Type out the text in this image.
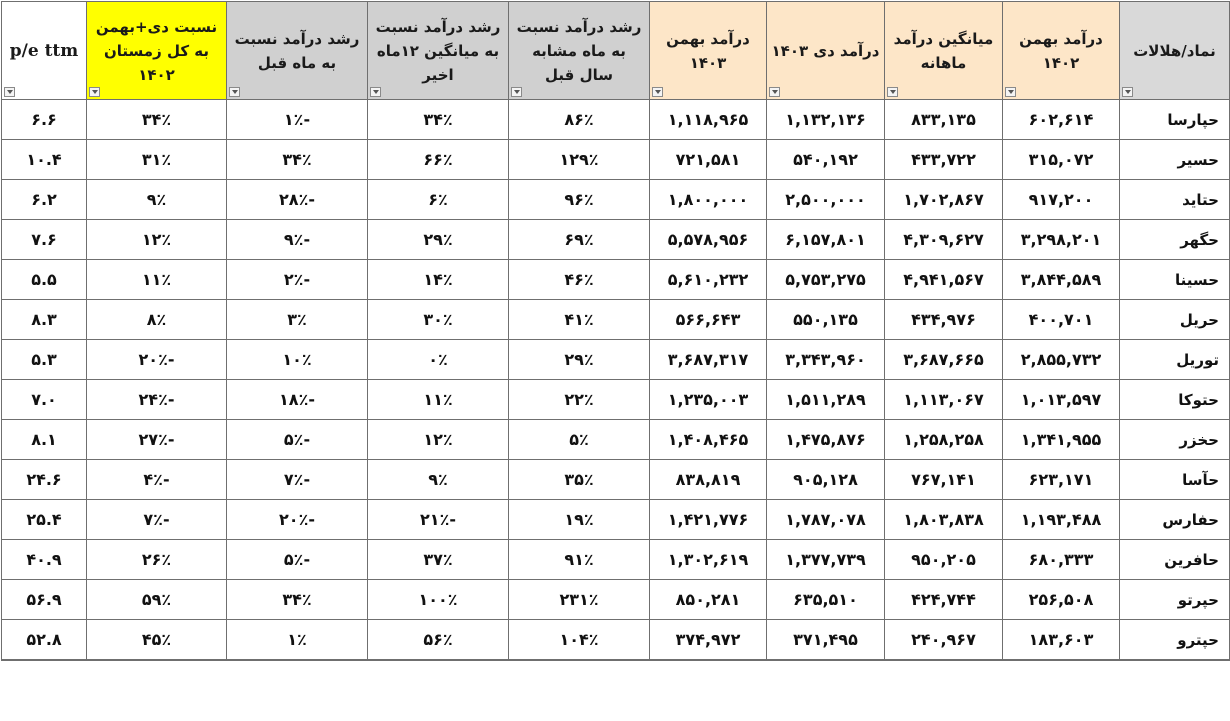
نماد/هلالات	درآمد بهمن ۱۴۰۲	میانگین درآمد ماهانه	درآمد دی ۱۴۰۳	درآمد بهمن ۱۴۰۳	رشد درآمد نسبت به ماه مشابه سال قبل	رشد درآمد نسبت به میانگین ۱۲ماه اخیر	رشد درآمد نسبت به ماه قبل	نسبت دی+بهمن به کل زمستان ۱۴۰۲	p/e ttm

حپارسا	۶۰۲,۶۱۴	۸۳۳,۱۳۵	۱,۱۳۲,۱۳۶	۱,۱۱۸,۹۶۵	۸۶٪	۳۴٪	-۱٪	۳۴٪	۶.۶
حسیر	۳۱۵,۰۷۲	۴۳۳,۷۲۲	۵۴۰,۱۹۲	۷۲۱,۵۸۱	۱۲۹٪	۶۶٪	۳۴٪	۳۱٪	۱۰.۴
حتاید	۹۱۷,۲۰۰	۱,۷۰۲,۸۶۷	۲,۵۰۰,۰۰۰	۱,۸۰۰,۰۰۰	۹۶٪	۶٪	-۲۸٪	۹٪	۶.۲
حگهر	۳,۲۹۸,۲۰۱	۴,۳۰۹,۶۲۷	۶,۱۵۷,۸۰۱	۵,۵۷۸,۹۵۶	۶۹٪	۲۹٪	-۹٪	۱۲٪	۷.۶
حسینا	۳,۸۴۴,۵۸۹	۴,۹۴۱,۵۶۷	۵,۷۵۳,۲۷۵	۵,۶۱۰,۲۳۲	۴۶٪	۱۴٪	-۲٪	۱۱٪	۵.۵
حریل	۴۰۰,۷۰۱	۴۳۴,۹۷۶	۵۵۰,۱۳۵	۵۶۶,۶۴۳	۴۱٪	۳۰٪	۳٪	۸٪	۸.۳
توریل	۲,۸۵۵,۷۳۲	۳,۶۸۷,۶۶۵	۳,۳۴۳,۹۶۰	۳,۶۸۷,۳۱۷	۲۹٪	۰٪	۱۰٪	-۲۰٪	۵.۳
حتوکا	۱,۰۱۳,۵۹۷	۱,۱۱۳,۰۶۷	۱,۵۱۱,۲۸۹	۱,۲۳۵,۰۰۳	۲۲٪	۱۱٪	-۱۸٪	-۲۴٪	۷.۰
حخزر	۱,۳۴۱,۹۵۵	۱,۲۵۸,۲۵۸	۱,۴۷۵,۸۷۶	۱,۴۰۸,۴۶۵	۵٪	۱۲٪	-۵٪	-۲۷٪	۸.۱
حآسا	۶۲۳,۱۷۱	۷۶۷,۱۴۱	۹۰۵,۱۲۸	۸۳۸,۸۱۹	۳۵٪	۹٪	-۷٪	-۴٪	۲۴.۶
حفارس	۱,۱۹۳,۴۸۸	۱,۸۰۳,۸۳۸	۱,۷۸۷,۰۷۸	۱,۴۲۱,۷۷۶	۱۹٪	-۲۱٪	-۲۰٪	-۷٪	۲۵.۴
حافرین	۶۸۰,۳۳۳	۹۵۰,۲۰۵	۱,۳۷۷,۷۳۹	۱,۳۰۲,۶۱۹	۹۱٪	۳۷٪	-۵٪	۲۶٪	۴۰.۹
حپرتو	۲۵۶,۵۰۸	۴۲۴,۷۴۴	۶۳۵,۵۱۰	۸۵۰,۲۸۱	۲۳۱٪	۱۰۰٪	۳۴٪	۵۹٪	۵۶.۹
حپترو	۱۸۳,۶۰۳	۲۴۰,۹۶۷	۳۷۱,۴۹۵	۳۷۴,۹۷۲	۱۰۴٪	۵۶٪	۱٪	۴۵٪	۵۲.۸
